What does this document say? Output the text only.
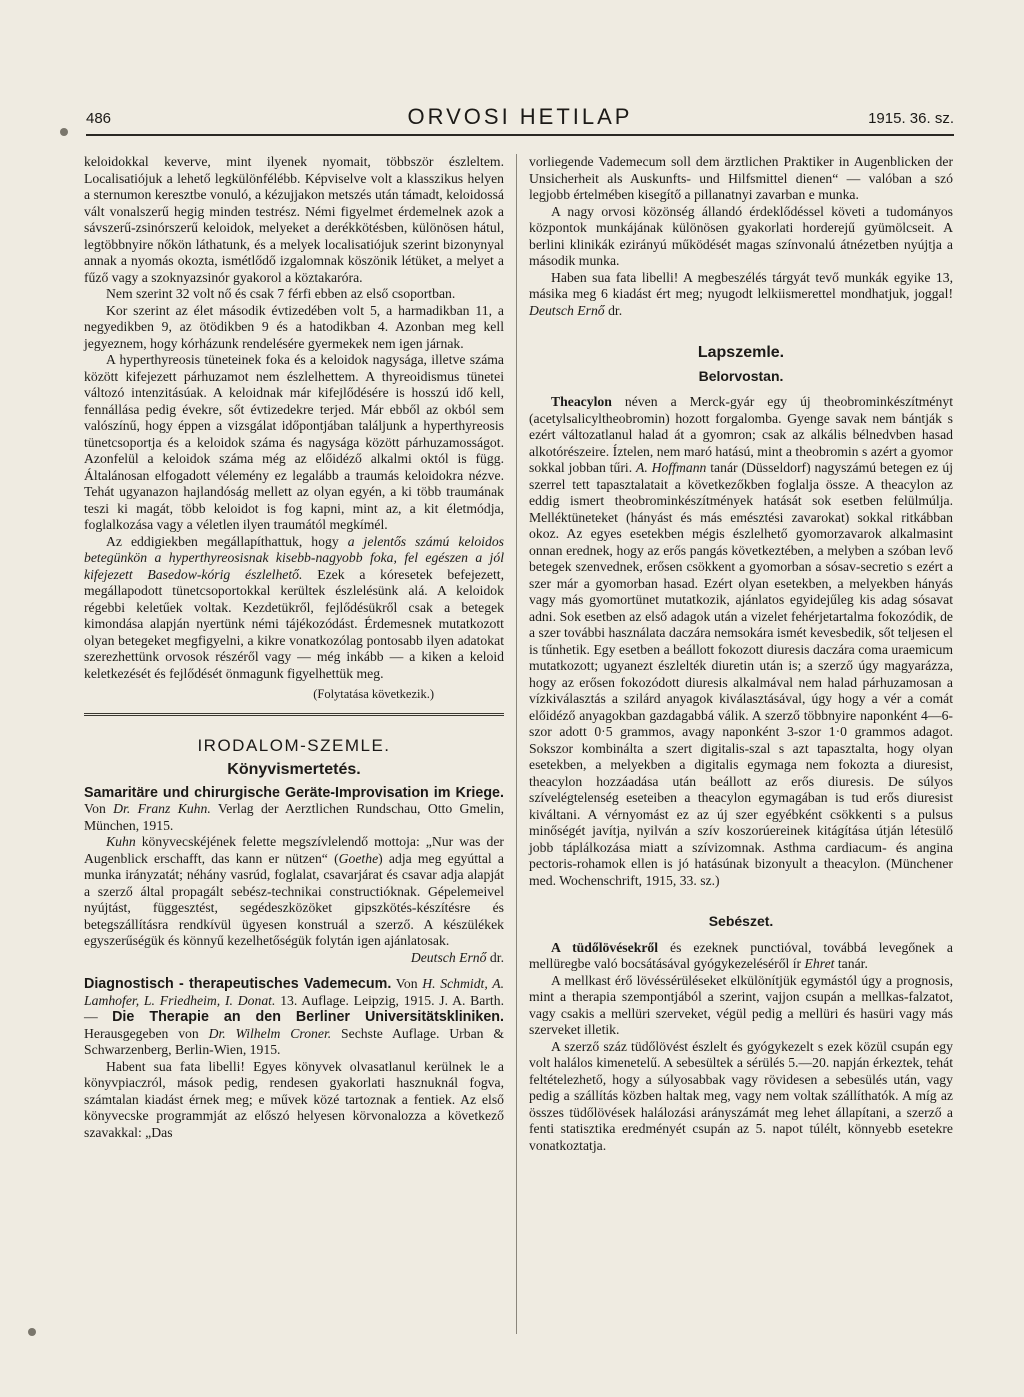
486	ORVOSI HETILAP	1915. 36. sz.

keloidokkal keverve, mint ilyenek nyomait, többször észleltem. Localisatiójuk a lehető legkülönfélébb. Képviselve volt a klasszikus helyen a sternumon keresztbe vonuló, a kézujjakon metszés után támadt, keloidossá vált vonalszerű hegig minden testrész. Némi figyelmet érdemelnek azok a sávszerű-zsinórszerű keloidok, melyeket a derékkötésben, különösen hátul, legtöbbnyire nőkön láthatunk, és a melyek localisatiójuk szerint bizonynyal annak a nyomás okozta, ismétlődő izgalomnak köszönik létüket, a melyet a fűző vagy a szoknyazsinór gyakorol a köztakaróra.

Nem szerint 32 volt nő és csak 7 férfi ebben az első csoportban.

Kor szerint az élet második évtizedében volt 5, a harmadikban 11, a negyedikben 9, az ötödikben 9 és a hatodikban 4. Azonban meg kell jegyeznem, hogy kórházunk rendelésére gyermekek nem igen járnak.

A hyperthyreosis tüneteinek foka és a keloidok nagysága, illetve száma között kifejezett párhuzamot nem észlelhettem. A thyreoidismus tünetei változó intenzitásúak. A keloidnak már kifejlődésére is hosszú idő kell, fennállása pedig évekre, sőt évtizedekre terjed. Már ebből az okból sem valószínű, hogy éppen a vizsgálat időpontjában találjunk a hyperthyreosis tünetcsoportja és a keloidok száma és nagysága között párhuzamosságot. Azonfelül a keloidok száma még az előidéző alkalmi októl is függ. Általánosan elfogadott vélemény ez legalább a traumás keloidokra nézve. Tehát ugyanazon hajlandóság mellett az olyan egyén, a ki több traumának teszi ki magát, több keloidot is fog kapni, mint az, a kit életmódja, foglalkozása vagy a véletlen ilyen traumától megkímél.

Az eddigiekben megállapíthattuk, hogy a jelentős számú keloidos betegünkön a hyperthyreosisnak kisebb-nagyobb foka, fel egészen a jól kifejezett Basedow-kórig észlelhető. Ezek a kóresetek befejezett, megállapodott tünetcsoportokkal kerültek észlelésünk alá. A keloidok régebbi keletűek voltak. Kezdetükről, fejlődésükről csak a betegek kimondása alapján nyertünk némi tájékozódást. Érdemesnek mutatkozott olyan betegeket megfigyelni, a kikre vonatkozólag pontosabb ilyen adatokat szerezhettünk orvosok részéről vagy — még inkább — a kiken a keloid keletkezését és fejlődését önmagunk figyelhettük meg.

(Folytatása következik.)
IRODALOM-SZEMLE.
Könyvismertetés.

Samaritäre und chirurgische Geräte-Improvisation im Kriege. Von Dr. Franz Kuhn. Verlag der Aerztlichen Rundschau, Otto Gmelin, München, 1915.

Kuhn könyvecskéjének felette megszívlelendő mottoja: „Nur was der Augenblick erschafft, das kann er nützen“ (Goethe) adja meg egyúttal a munka irányzatát; néhány vasrúd, foglalat, csavarjárat és csavar adja alapját a szerző által propagált sebész-technikai constructióknak. Gépelemeivel nyújtást, függesztést, segédeszközöket gipszkötés-készítésre és betegszállításra rendkívül ügyesen konstruál a szerző. A készülékek egyszerűségük és könnyű kezelhetőségük folytán igen ajánlatosak.

Deutsch Ernő dr.

Diagnostisch - therapeutisches Vademecum. Von H. Schmidt, A. Lamhofer, L. Friedheim, I. Donat. 13. Auflage. Leipzig, 1915. J. A. Barth. — Die Therapie an den Berliner Universitätskliniken. Herausgegeben von Dr. Wilhelm Croner. Sechste Auflage. Urban & Schwarzenberg, Berlin-Wien, 1915.

Habent sua fata libelli! Egyes könyvek olvasatlanul kerülnek le a könyvpiaczról, mások pedig, rendesen gyakorlati hasznuknál fogva, számtalan kiadást érnek meg; e művek közé tartoznak a fentiek. Az első könyvecske programmját az előszó helyesen körvonalozza a következő szavakkal: „Das

vorliegende Vademecum soll dem ärztlichen Praktiker in Augenblicken der Unsicherheit als Auskunfts- und Hilfsmittel dienen“ — valóban a szó legjobb értelmében kisegítő a pillanatnyi zavarban e munka.

A nagy orvosi közönség állandó érdeklődéssel követi a tudományos központok munkájának különösen gyakorlati horderejű gyümölcseit. A berlini klinikák ezirányú működését magas színvonalú átnézetben nyújtja a második munka.

Haben sua fata libelli! A megbeszélés tárgyát tevő munkák egyike 13, másika meg 6 kiadást ért meg; nyugodt lelkiismerettel mondhatjuk, joggal! Deutsch Ernő dr.

Lapszemle.
Belorvostan.

Theacylon néven a Merck-gyár egy új theobrominkészítményt (acetylsalicyltheobromin) hozott forgalomba. Gyenge savak nem bántják s ezért változatlanul halad át a gyomron; csak az alkális bélnedvben hasad alkotórészeire. Íztelen, nem maró hatású, mint a theobromin s azért a gyomor sokkal jobban tűri. A. Hoffmann tanár (Düsseldorf) nagyszámú betegen ez új szerrel tett tapasztalatait a következőkben foglalja össze. A theacylon az eddig ismert theobrominkészítmények hatását sok esetben felülmúlja. Melléktüneteket (hányást és más emésztési zavarokat) sokkal ritkábban okoz. Az egyes esetekben mégis észlelhető gyomorzavarok alkalmasint onnan erednek, hogy az erős pangás következtében, a melyben a szóban levő betegek szenvednek, erősen csökkent a gyomorban a sósav-secretio s ezért a szer már a gyomorban hasad. Ezért olyan esetekben, a melyekben hányás vagy más gyomortünet mutatkozik, ajánlatos egyidejűleg kis adag sósavat adni. Sok esetben az első adagok után a vizelet fehérjetartalma fokozódik, de a szer további használata daczára nemsokára ismét kevesbedik, sőt teljesen el is tűnhetik. Egy esetben a beállott fokozott diuresis daczára coma uraemicum mutatkozott; ugyanezt észlelték diuretin után is; a szerző úgy magyarázza, hogy az erősen fokozódott diuresis alkalmával nem halad párhuzamosan a vízkiválasztás a szilárd anyagok kiválasztásával, úgy hogy a vér a comát előidéző anyagokban gazdagabbá válik. A szerző többnyire naponként 4—6-szor adott 0·5 grammos, avagy naponként 3-szor 1·0 grammos adagot. Sokszor kombinálta a szert digitalis-szal s azt tapasztalta, hogy olyan esetekben, a melyekben a digitalis egymaga nem fokozta a diuresist, theacylon hozzáadása után beállott az erős diuresis. De súlyos szívelégtelenség eseteiben a theacylon egymagában is tud erős diuresist kiváltani. A vérnyomást ez az új szer egyébként csökkenti s a pulsus minőségét javítja, nyilván a szív koszorúereinek kitágítása útján létesülő jobb táplálkozása miatt a szívizomnak. Asthma cardiacum- és angina pectoris-rohamok ellen is jó hatásúnak bizonyult a theacylon. (Münchener med. Wochenschrift, 1915, 33. sz.)

Sebészet.

A tüdőlövésekről és ezeknek punctióval, továbbá levegőnek a mellüregbe való bocsátásával gyógykezeléséről ír Ehret tanár.

A mellkast érő lövéssérüléseket elkülönítjük egymástól úgy a prognosis, mint a therapia szempontjából a szerint, vajjon csupán a mellkas-falzatot, vagy csakis a mellüri szerveket, végül pedig a mellüri és hasüri vagy más szerveket illetik.

A szerző száz tüdőlövést észlelt és gyógykezelt s ezek közül csupán egy volt halálos kimenetelű. A sebesültek a sérülés 5.—20. napján érkeztek, tehát feltételezhető, hogy a súlyosabbak vagy rövidesen a sebesülés után, vagy pedig a szállítás közben haltak meg, vagy nem voltak szállíthatók. A míg az összes tüdőlövések halálozási arányszámát meg lehet állapítani, a szerző a fenti statisztika eredményét csupán az 5. napot túlélt, könnyebb esetekre vonatkoztatja.
